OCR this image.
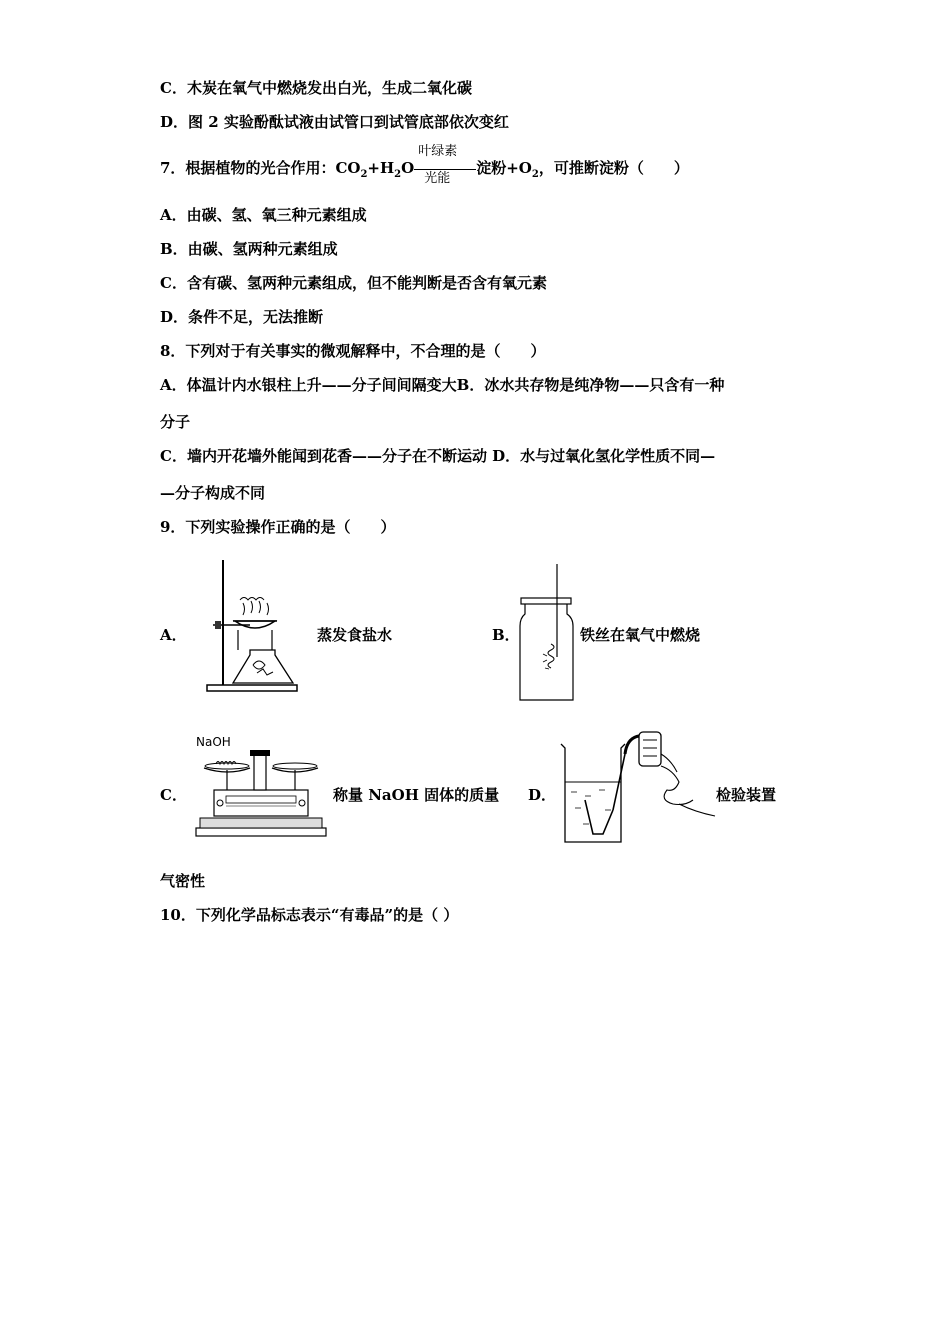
C．木炭在氧气中燃烧发出白光，生成二氧化碳
D．图 2 实验酚酞试液由试管口到试管底部依次变红
7．根据植物的光合作用：$CO_2+H_2O$
叶绿素
光能
淀粉$+O_2$，可推断淀粉（　　）
A．由碳、氢、氧三种元素组成
B．由碳、氢两种元素组成
C．含有碳、氢两种元素组成，但不能判断是否含有氧元素
D．条件不足，无法推断
8．下列对于有关事实的微观解释中，不合理的是（　　）
A．体温计内水银柱上升——分子间间隔变大B．冰水共存物是纯净物——只含有一种
分子
C．墙内开花墙外能闻到花香——分子在不断运动 D．水与过氧化氢化学性质不同—
—分子构成不同
9．下列实验操作正确的是（　　）
A．	蒸发食盐水	B．	铁丝在氧气中燃烧
C．
NaOH
称量 NaOH 固体的质量 D．	检验装置
气密性
10．下列化学品标志表示“有毒品”的是（ ）
